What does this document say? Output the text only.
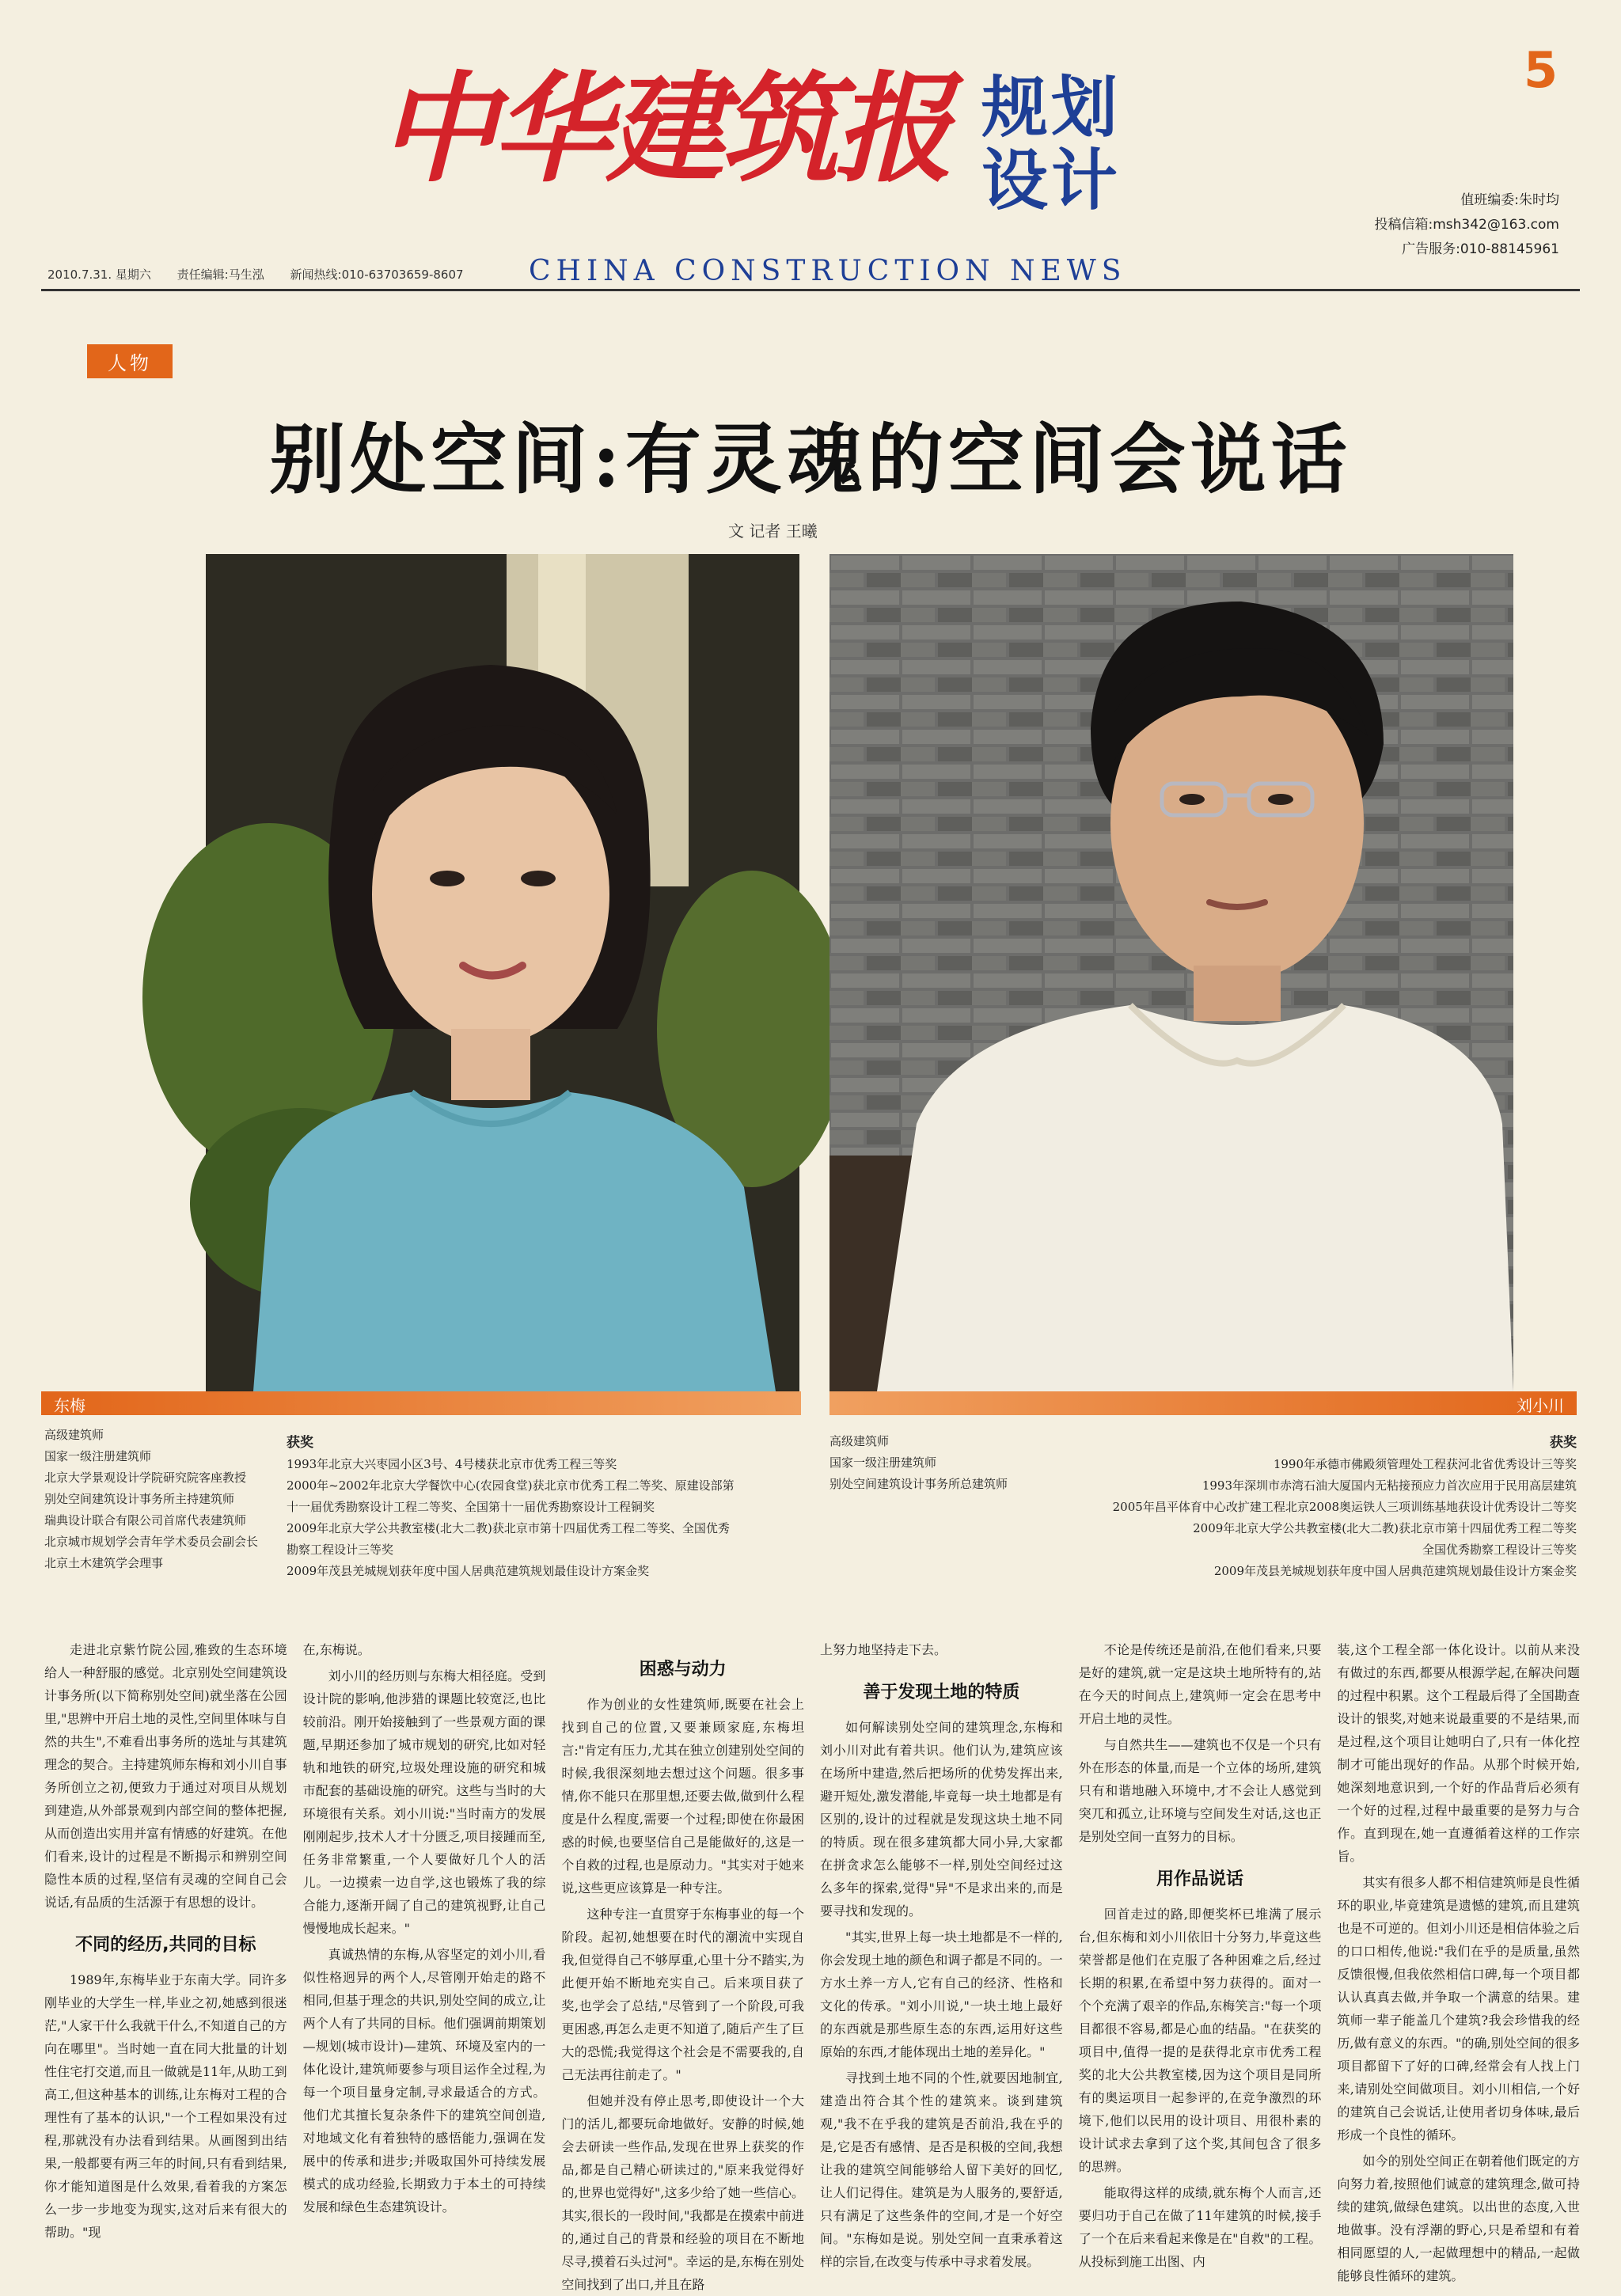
5
中华建筑报 规划
设计	值班编委:朱时均
投稿信箱:msh342@163.com
广告服务:010-88145961
2010.7.31. 星期六 责任编辑:马生泓 新闻热线:010-63703659-8607	CHINA CONSTRUCTION NEWS
人物
别处空间:有灵魂的空间会说话
文 记者 王曦
东梅	刘小川
高级建筑师
国家一级注册建筑师
北京大学景观设计学院研究院客座教授
别处空间建筑设计事务所主持建筑师
瑞典设计联合有限公司首席代表建筑师
北京城市规划学会青年学术委员会副会长
北京土木建筑学会理事
获奖
1993年北京大兴枣园小区3号、4号楼获北京市优秀工程三等奖
2000年~2002年北京大学餐饮中心(农园食堂)获北京市优秀工程二等奖、原建设部第
十一届优秀勘察设计工程二等奖、全国第十一届优秀勘察设计工程铜奖
2009年北京大学公共教室楼(北大二教)获北京市第十四届优秀工程二等奖、全国优秀
勘察工程设计三等奖
2009年茂县羌城规划获年度中国人居典范建筑规划最佳设计方案金奖
高级建筑师
国家一级注册建筑师
别处空间建筑设计事务所总建筑师
获奖
1990年承德市佛殿须管理处工程获河北省优秀设计三等奖
1993年深圳市赤湾石油大厦国内无粘接预应力首次应用于民用高层建筑
2005年昌平体育中心改扩建工程北京2008奥运铁人三项训练基地获设计优秀设计二等奖
2009年北京大学公共教室楼(北大二教)获北京市第十四届优秀工程二等奖
全国优秀勘察工程设计三等奖
2009年茂县羌城规划获年度中国人居典范建筑规划最佳设计方案金奖

走进北京紫竹院公园,雅致的生态环境给人一种舒服的感觉。北京别处空间建筑设计事务所(以下简称别处空间)就坐落在公园里,"思辨中开启土地的灵性,空间里体味与自然的共生",不难看出事务所的选址与其建筑理念的契合。主持建筑师东梅和刘小川自事务所创立之初,便致力于通过对项目从规划到建造,从外部景观到内部空间的整体把握,从而创造出实用并富有情感的好建筑。在他们看来,设计的过程是不断揭示和辨别空间隐性本质的过程,坚信有灵魂的空间自己会说话,有品质的生活源于有思想的设计。

不同的经历,共同的目标

1989年,东梅毕业于东南大学。同许多刚毕业的大学生一样,毕业之初,她感到很迷茫,"人家干什么我就干什么,不知道自己的方向在哪里"。当时她一直在同大批量的计划性住宅打交道,而且一做就是11年,从助工到高工,但这种基本的训练,让东梅对工程的合理性有了基本的认识,"一个工程如果没有过程,那就没有办法看到结果。从画图到出结果,一般都要有两三年的时间,只有看到结果,你才能知道图是什么效果,看着我的方案怎么一步一步地变为现实,这对后来有很大的帮助。"现

在,东梅说。

刘小川的经历则与东梅大相径庭。受到设计院的影响,他涉猎的课题比较宽泛,也比较前沿。刚开始接触到了一些景观方面的课题,早期还参加了城市规划的研究,比如对轻轨和地铁的研究,垃圾处理设施的研究和城市配套的基础设施的研究。这些与当时的大环境很有关系。刘小川说:"当时南方的发展刚刚起步,技术人才十分匮乏,项目接踵而至,任务非常繁重,一个人要做好几个人的活儿。一边摸索一边自学,这也锻炼了我的综合能力,逐渐开阔了自己的建筑视野,让自己慢慢地成长起来。"

真诚热情的东梅,从容坚定的刘小川,看似性格迥异的两个人,尽管刚开始走的路不相同,但基于理念的共识,别处空间的成立,让两个人有了共同的目标。他们强调前期策划—规划(城市设计)—建筑、环境及室内的一体化设计,建筑师要参与项目运作全过程,为每一个项目量身定制,寻求最适合的方式。他们尤其擅长复杂条件下的建筑空间创造,对地域文化有着独特的感悟能力,强调在发展中的传承和进步;并吸取国外可持续发展模式的成功经验,长期致力于本土的可持续发展和绿色生态建筑设计。

困惑与动力

作为创业的女性建筑师,既要在社会上找到自己的位置,又要兼顾家庭,东梅坦言:"肯定有压力,尤其在独立创建别处空间的时候,我很深刻地去想过这个问题。很多事情,你不能只在那里想,还要去做,做到什么程度是什么程度,需要一个过程;即使在你最困惑的时候,也要坚信自己是能做好的,这是一个自救的过程,也是原动力。"其实对于她来说,这些更应该算是一种专注。

这种专注一直贯穿于东梅事业的每一个阶段。起初,她想要在时代的潮流中实现自我,但觉得自己不够厚重,心里十分不踏实,为此便开始不断地充实自己。后来项目获了奖,也学会了总结,"尽管到了一个阶段,可我更困惑,再怎么走更不知道了,随后产生了巨大的恐慌;我觉得这个社会是不需要我的,自己无法再往前走了。"

但她并没有停止思考,即使设计一个大门的活儿,都要玩命地做好。安静的时候,她会去研读一些作品,发现在世界上获奖的作品,都是自己精心研读过的,"原来我觉得好的,世界也觉得好",这多少给了她一些信心。其实,很长的一段时间,"我都是在摸索中前进的,通过自己的背景和经验的项目在不断地尽寻,摸着石头过河"。幸运的是,东梅在别处空间找到了出口,并且在路

上努力地坚持走下去。

善于发现土地的特质

如何解读别处空间的建筑理念,东梅和刘小川对此有着共识。他们认为,建筑应该在场所中建造,然后把场所的优势发挥出来,避开短处,激发潜能,毕竟每一块土地都是有区别的,设计的过程就是发现这块土地不同的特质。现在很多建筑都大同小异,大家都在拼贪求怎么能够不一样,别处空间经过这么多年的探索,觉得"异"不是求出来的,而是要寻找和发现的。

"其实,世界上每一块土地都是不一样的,你会发现土地的颜色和调子都是不同的。一方水土养一方人,它有自己的经济、性格和文化的传承。"刘小川说,"一块土地上最好的东西就是那些原生态的东西,运用好这些原始的东西,才能体现出土地的差异化。"

寻找到土地不同的个性,就要因地制宜,建造出符合其个性的建筑来。谈到建筑观,"我不在乎我的建筑是否前沿,我在乎的是,它是否有感情、是否是积极的空间,我想让我的建筑空间能够给人留下美好的回忆,让人们记得住。建筑是为人服务的,要舒适,只有满足了这些条件的空间,才是一个好空间。"东梅如是说。别处空间一直秉承着这样的宗旨,在改变与传承中寻求着发展。

不论是传统还是前沿,在他们看来,只要是好的建筑,就一定是这块土地所特有的,站在今天的时间点上,建筑师一定会在思考中开启土地的灵性。

与自然共生——建筑也不仅是一个只有外在形态的体量,而是一个立体的场所,建筑只有和谐地融入环境中,才不会让人感觉到突兀和孤立,让环境与空间发生对话,这也正是别处空间一直努力的目标。

用作品说话

回首走过的路,即便奖杯已堆满了展示台,但东梅和刘小川依旧十分努力,毕竟这些荣誉都是他们在克服了各种困难之后,经过长期的积累,在希望中努力获得的。面对一个个充满了艰辛的作品,东梅笑言:"每一个项目都很不容易,都是心血的结晶。"在获奖的项目中,值得一提的是获得北京市优秀工程奖的北大公共教室楼,因为这个项目是同所有的奥运项目一起参评的,在竞争激烈的环境下,他们以民用的设计项目、用很朴素的设计试求去拿到了这个奖,其间包含了很多的思辨。

能取得这样的成绩,就东梅个人而言,还要归功于自己在做了11年建筑的时候,接手了一个在后来看起来像是在"自救"的工程。从投标到施工出图、内

装,这个工程全部一体化设计。以前从来没有做过的东西,都要从根源学起,在解决问题的过程中积累。这个工程最后得了全国勘查设计的银奖,对她来说最重要的不是结果,而是过程,这个项目让她明白了,只有一体化控制才可能出现好的作品。从那个时候开始,她深刻地意识到,一个好的作品背后必须有一个好的过程,过程中最重要的是努力与合作。直到现在,她一直遵循着这样的工作宗旨。

其实有很多人都不相信建筑师是良性循环的职业,毕竟建筑是遗憾的建筑,而且建筑也是不可逆的。但刘小川还是相信体验之后的口口相传,他说:"我们在乎的是质量,虽然反馈很慢,但我依然相信口碑,每一个项目都认认真真去做,并争取一个满意的结果。建筑师一辈子能盖几个建筑?我会珍惜我的经历,做有意义的东西。"的确,别处空间的很多项目都留下了好的口碑,经常会有人找上门来,请别处空间做项目。刘小川相信,一个好的建筑自己会说话,让使用者切身体味,最后形成一个良性的循环。

如今的别处空间正在朝着他们既定的方向努力着,按照他们诚意的建筑理念,做可持续的建筑,做绿色建筑。以出世的态度,入世地做事。没有浮潮的野心,只是希望和有着相同愿望的人,一起做理想中的精品,一起做能够良性循环的建筑。
